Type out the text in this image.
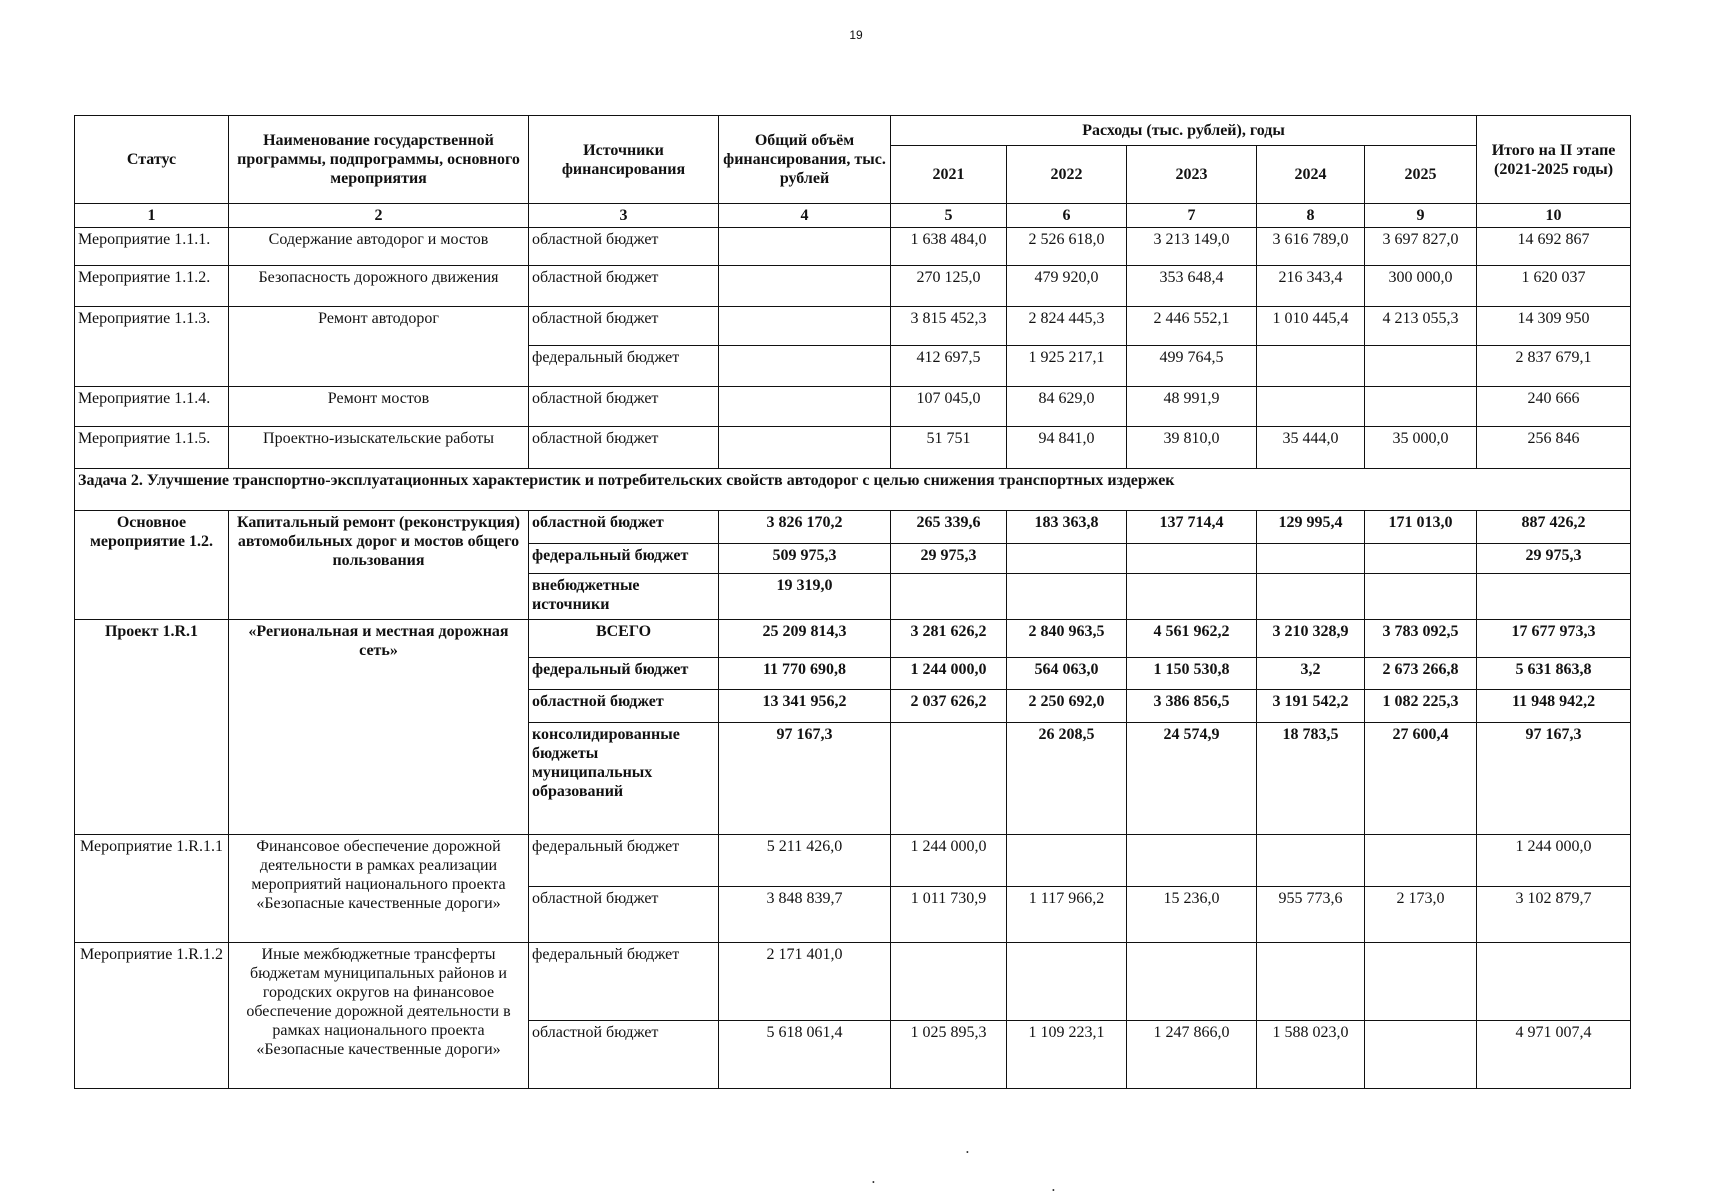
19
Статус	Наименование государственной программы, подпрограммы, основного мероприятия	Источники финансирования	Общий объём финансирования, тыс. рублей	Расходы (тыс. рублей), годы					Итого на II этапе (2021-2025 годы)
				2021	2022	2023	2024	2025	
1	2	3	4	5	6	7	8	9	10
Мероприятие 1.1.1.	Содержание автодорог и мостов	областной бюджет		1 638 484,0	2 526 618,0	3 213 149,0	3 616 789,0	3 697 827,0	14 692 867
Мероприятие 1.1.2.	Безопасность дорожного движения	областной бюджет		270 125,0	479 920,0	353 648,4	216 343,4	300 000,0	1 620 037
Мероприятие 1.1.3.	Ремонт автодорог	областной бюджет		3 815 452,3	2 824 445,3	2 446 552,1	1 010 445,4	4 213 055,3	14 309 950
		федеральный бюджет		412 697,5	1 925 217,1	499 764,5			2 837 679,1
Мероприятие 1.1.4.	Ремонт мостов	областной бюджет		107 045,0	84 629,0	48 991,9			240 666
Мероприятие 1.1.5.	Проектно-изыскательские работы	областной бюджет		51 751	94 841,0	39 810,0	35 444,0	35 000,0	256 846
Задача 2. Улучшение транспортно-эксплуатационных характеристик и потребительских свойств автодорог с целью снижения транспортных издержек									
Основное мероприятие 1.2.	Капитальный ремонт (реконструкция) автомобильных дорог и мостов общего пользования	областной бюджет	3 826 170,2	265 339,6	183 363,8	137 714,4	129 995,4	171 013,0	887 426,2
		федеральный бюджет	509 975,3	29 975,3					29 975,3
		внебюджетные источники	19 319,0						
Проект 1.R.1	«Региональная и местная дорожная сеть»	ВСЕГО	25 209 814,3	3 281 626,2	2 840 963,5	4 561 962,2	3 210 328,9	3 783 092,5	17 677 973,3
		федеральный бюджет	11 770 690,8	1 244 000,0	564 063,0	1 150 530,8	3,2	2 673 266,8	5 631 863,8
		областной бюджет	13 341 956,2	2 037 626,2	2 250 692,0	3 386 856,5	3 191 542,2	1 082 225,3	11 948 942,2
		консолидированные бюджеты муниципальных образований	97 167,3		26 208,5	24 574,9	18 783,5	27 600,4	97 167,3
Мероприятие 1.R.1.1	Финансовое обеспечение дорожной деятельности в рамках реализации мероприятий национального проекта «Безопасные качественные дороги»	федеральный бюджет	5 211 426,0	1 244 000,0					1 244 000,0
		областной бюджет	3 848 839,7	1 011 730,9	1 117 966,2	15 236,0	955 773,6	2 173,0	3 102 879,7
Мероприятие 1.R.1.2	Иные межбюджетные трансферты бюджетам муниципальных районов и городских округов на финансовое обеспечение дорожной деятельности в рамках национального проекта «Безопасные качественные дороги»	федеральный бюджет	2 171 401,0						
		областной бюджет	5 618 061,4	1 025 895,3	1 109 223,1	1 247 866,0	1 588 023,0		4 971 007,4
•
•
•
